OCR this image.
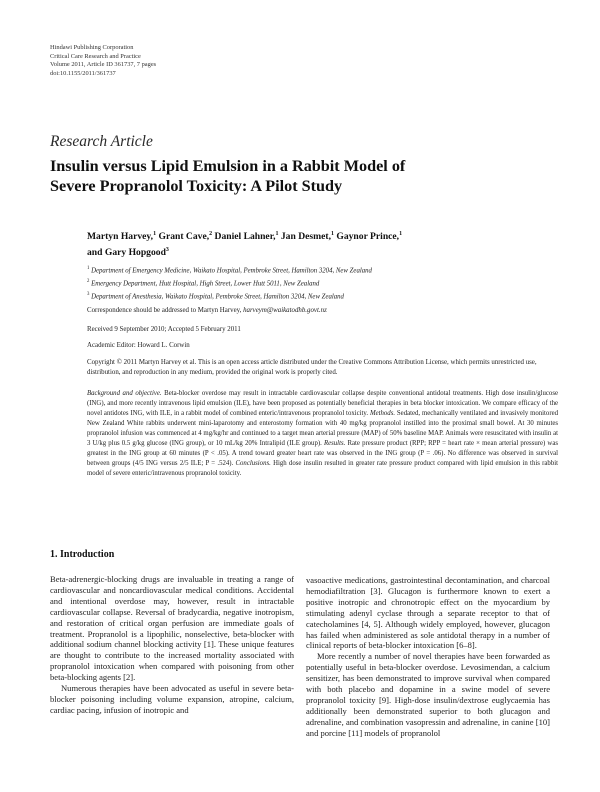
Hindawi Publishing Corporation
Critical Care Research and Practice
Volume 2011, Article ID 361737, 7 pages
doi:10.1155/2011/361737
Research Article
Insulin versus Lipid Emulsion in a Rabbit Model of
Severe Propranolol Toxicity: A Pilot Study
Martyn Harvey,$^1$ Grant Cave,$^2$ Daniel Lahner,$^1$ Jan Desmet,$^1$ Gaynor Prince,$^1$
and Gary Hopgood$^3$
$^1$ Department of Emergency Medicine, Waikato Hospital, Pembroke Street, Hamilton 3204, New Zealand
$^2$ Emergency Department, Hutt Hospital, High Street, Lower Hutt 5011, New Zealand
$^3$ Department of Anesthesia, Waikato Hospital, Pembroke Street, Hamilton 3204, New Zealand
Correspondence should be addressed to Martyn Harvey, harveym@waikatodhb.govt.nz
Received 9 September 2010; Accepted 5 February 2011
Academic Editor: Howard L. Corwin
Copyright © 2011 Martyn Harvey et al. This is an open access article distributed under the Creative Commons Attribution License, which permits unrestricted use, distribution, and reproduction in any medium, provided the original work is properly cited.
Background and objective. Beta-blocker overdose may result in intractable cardiovascular collapse despite conventional antidotal treatments. High dose insulin/glucose (ING), and more recently intravenous lipid emulsion (ILE), have been proposed as potentially beneficial therapies in beta blocker intoxication. We compare efficacy of the novel antidotes ING, with ILE, in a rabbit model of combined enteric/intravenous propranolol toxicity. Methods. Sedated, mechanically ventilated and invasively monitored New Zealand White rabbits underwent mini-laparotomy and enterostomy formation with 40 mg/kg propranolol instilled into the proximal small bowel. At 30 minutes propranolol infusion was commenced at 4 mg/kg/hr and continued to a target mean arterial pressure (MAP) of 50% baseline MAP. Animals were resuscitated with insulin at 3 U/kg plus 0.5 g/kg glucose (ING group), or 10 mL/kg 20% Intralipid (ILE group). Results. Rate pressure product (RPP; RPP = heart rate × mean arterial pressure) was greatest in the ING group at 60 minutes (P < .05). A trend toward greater heart rate was observed in the ING group (P = .06). No difference was observed in survival between groups (4/5 ING versus 2/5 ILE; P = .524). Conclusions. High dose insulin resulted in greater rate pressure product compared with lipid emulsion in this rabbit model of severe enteric/intravenous propranolol toxicity.
1. Introduction

Beta-adrenergic-blocking drugs are invaluable in treating a range of cardiovascular and noncardiovascular medical conditions. Accidental and intentional overdose may, however, result in intractable cardiovascular collapse. Reversal of bradycardia, negative inotropism, and restoration of critical organ perfusion are immediate goals of treatment. Propranolol is a lipophilic, nonselective, beta-blocker with additional sodium channel blocking activity [1]. These unique features are thought to contribute to the increased mortality associated with propranolol intoxication when compared with poisoning from other beta-blocking agents [2].

Numerous therapies have been advocated as useful in severe beta-blocker poisoning including volume expansion, atropine, calcium, cardiac pacing, infusion of inotropic and

vasoactive medications, gastrointestinal decontamination, and charcoal hemodiafiltration [3]. Glucagon is furthermore known to exert a positive inotropic and chronotropic effect on the myocardium by stimulating adenyl cyclase through a separate receptor to that of catecholamines [4, 5]. Although widely employed, however, glucagon has failed when administered as sole antidotal therapy in a number of clinical reports of beta-blocker intoxication [6–8].

More recently a number of novel therapies have been forwarded as potentially useful in beta-blocker overdose. Levosimendan, a calcium sensitizer, has been demonstrated to improve survival when compared with both placebo and dopamine in a swine model of severe propranolol toxicity [9]. High-dose insulin/dextrose euglycaemia has additionally been demonstrated superior to both glucagon and adrenaline, and combination vasopressin and adrenaline, in canine [10] and porcine [11] models of propranolol
